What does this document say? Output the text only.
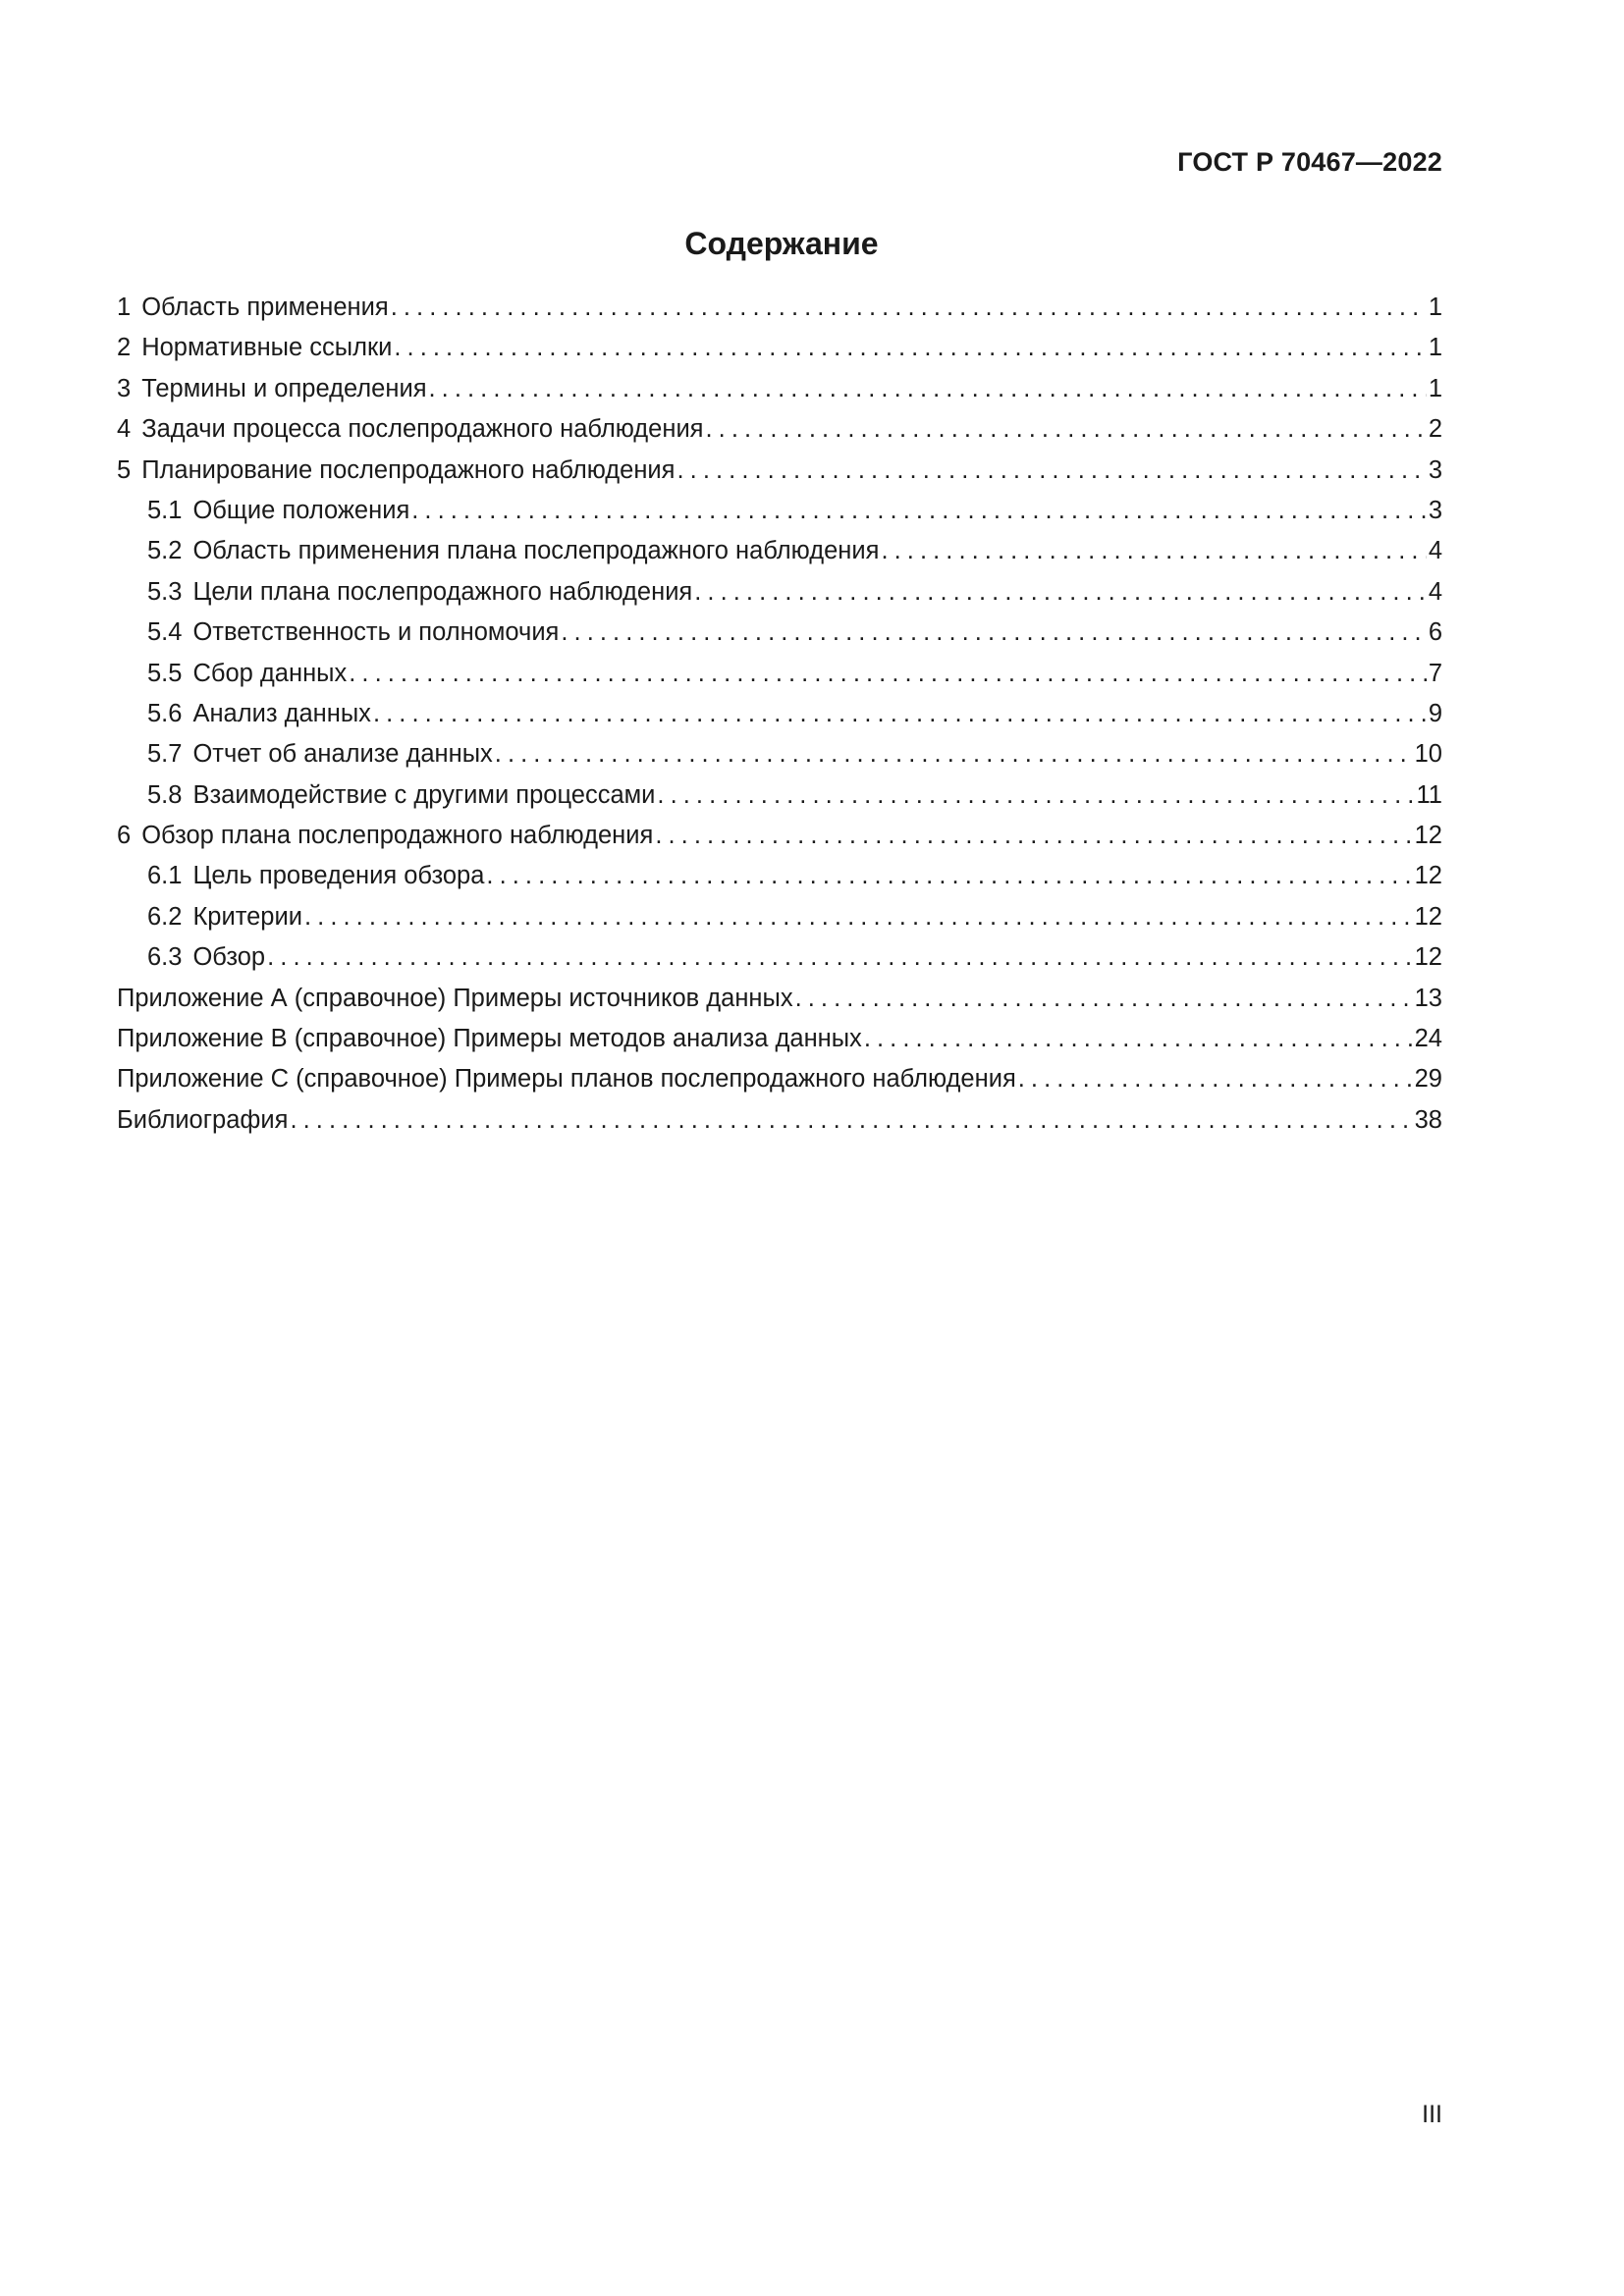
ГОСТ Р 70467—2022
Содержание
1 Область применения . . .	1
2 Нормативные ссылки . . .	1
3 Термины и определения . . .	1
4 Задачи процесса послепродажного наблюдения . . .	2
5 Планирование послепродажного наблюдения . . .	3
5.1 Общие положения . . .	3
5.2 Область применения плана послепродажного наблюдения . . .	4
5.3 Цели плана послепродажного наблюдения . . .	4
5.4 Ответственность и полномочия . . .	6
5.5 Сбор данных . . .	7
5.6 Анализ данных . . .	9
5.7 Отчет об анализе данных . . .	10
5.8 Взаимодействие с другими процессами . . .	11
6 Обзор плана послепродажного наблюдения . . .	12
6.1 Цель проведения обзора . . .	12
6.2 Критерии . . .	12
6.3 Обзор . . .	12
Приложение А (справочное) Примеры источников данных . . .	13
Приложение В (справочное) Примеры методов анализа данных . . .	24
Приложение С (справочное) Примеры планов послепродажного наблюдения . . .	29
Библиография . . .	38
III
